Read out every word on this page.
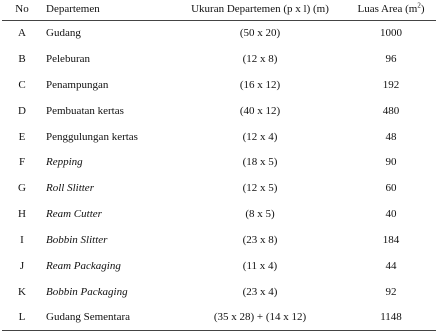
No	Departemen	Ukuran Departemen (p x l) (m)	Luas Area $(m^2)$
A	Gudang	(50 x 20)	1000
B	Peleburan	(12 x 8)	96
C	Penampungan	(16 x 12)	192
D	Pembuatan kertas	(40 x 12)	480
E	Penggulungan kertas	(12 x 4)	48
F	Repping	(18 x 5)	90
G	Roll Slitter	(12 x 5)	60
H	Ream Cutter	(8 x 5)	40
I	Bobbin Slitter	(23 x 8)	184
J	Ream Packaging	(11 x 4)	44
K	Bobbin Packaging	(23 x 4)	92
L	Gudang Sementara	(35 x 28) + (14 x 12)	1148
